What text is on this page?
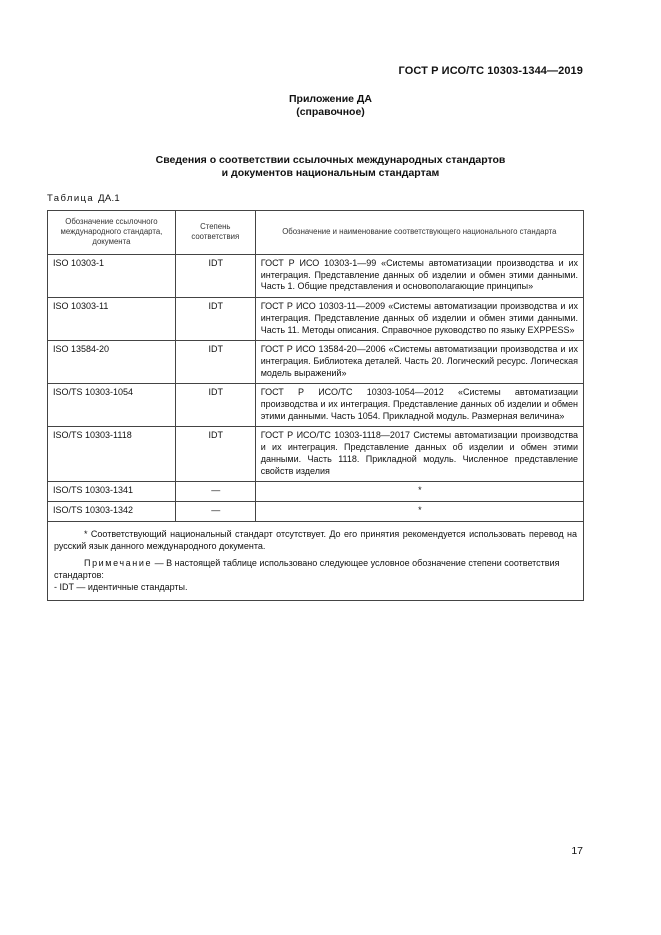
ГОСТ Р ИСО/ТС 10303-1344—2019
Приложение ДА
(справочное)
Сведения о соответствии ссылочных международных стандартов
и документов национальным стандартам
Таблица ДА.1
Обозначение ссылочного международного стандарта, документа	Степень соответствия	Обозначение и наименование соответствующего национального стандарта
ISO 10303-1	IDT	ГОСТ Р ИСО 10303-1—99 «Системы автоматизации производства и их интеграция. Представление данных об изделии и обмен этими данными. Часть 1. Общие представления и основополагающие принципы»
ISO 10303-11	IDT	ГОСТ Р ИСО 10303-11—2009 «Системы автоматизации производства и их интеграция. Представление данных об изделии и обмен этими данными. Часть 11. Методы описания. Справочное руководство по языку EXPPESS»
ISO 13584-20	IDT	ГОСТ Р ИСО 13584-20—2006 «Системы автоматизации производства и их интеграция. Библиотека деталей. Часть 20. Логический ресурс. Логическая модель выражений»
ISO/TS 10303-1054	IDT	ГОСТ Р ИСО/ТС 10303-1054—2012 «Системы автоматизации производства и их интеграция. Представление данных об изделии и обмен этими данными. Часть 1054. Прикладной модуль. Размерная величина»
ISO/TS 10303-1118	IDT	ГОСТ Р ИСО/ТС 10303-1118—2017 Системы автоматизации производства и их интеграция. Представление данных об изделии и обмен этими данными. Часть 1118. Прикладной модуль. Численное представление свойств изделия
ISO/TS 10303-1341	—	*
ISO/TS 10303-1342	—	*

* Соответствующий национальный стандарт отсутствует. До его принятия рекомендуется использовать перевод на русский язык данного международного документа.

Примечание — В настоящей таблице использовано следующее условное обозначение степени соответствия стандартов:

- IDT — идентичные стандарты.		

17
